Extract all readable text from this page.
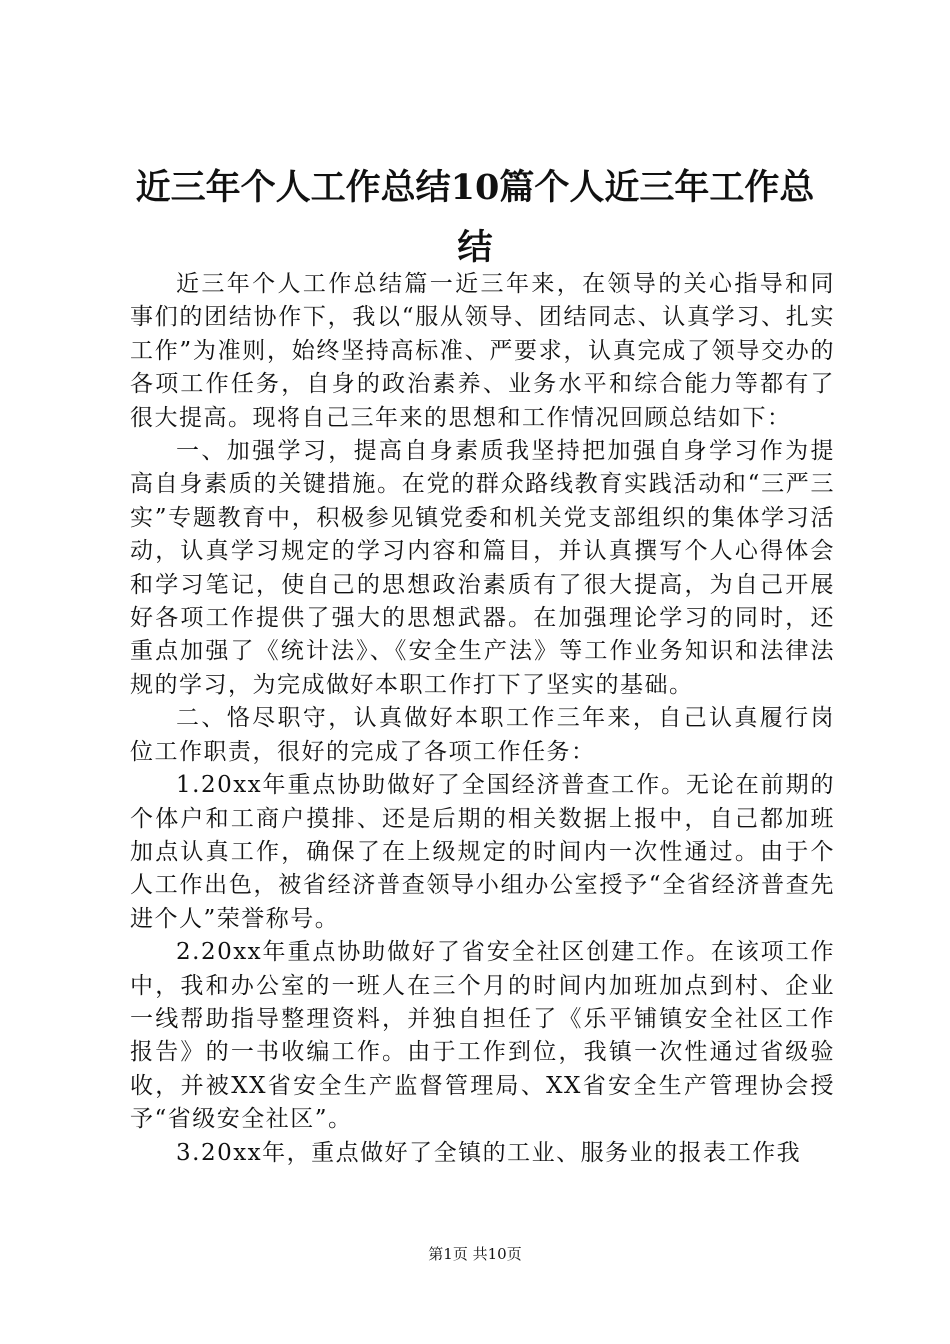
近三年个人工作总结10篇个人近三年工作总结

近三年个人工作总结篇一近三年来，在领导的关心指导和同事们的团结协作下，我以“服从领导、团结同志、认真学习、扎实工作”为准则，始终坚持高标准、严要求，认真完成了领导交办的各项工作任务，自身的政治素养、业务水平和综合能力等都有了很大提高。现将自己三年来的思想和工作情况回顾总结如下：

一、加强学习，提高自身素质我坚持把加强自身学习作为提高自身素质的关键措施。在党的群众路线教育实践活动和“三严三实”专题教育中，积极参见镇党委和机关党支部组织的集体学习活动，认真学习规定的学习内容和篇目，并认真撰写个人心得体会和学习笔记，使自己的思想政治素质有了很大提高，为自己开展好各项工作提供了强大的思想武器。在加强理论学习的同时，还重点加强了《统计法》、《安全生产法》等工作业务知识和法律法规的学习，为完成做好本职工作打下了坚实的基础。

二、恪尽职守，认真做好本职工作三年来，自己认真履行岗位工作职责，很好的完成了各项工作任务：

1.20xx年重点协助做好了全国经济普查工作。无论在前期的个体户和工商户摸排、还是后期的相关数据上报中，自己都加班加点认真工作，确保了在上级规定的时间内一次性通过。由于个人工作出色，被省经济普查领导小组办公室授予“全省经济普查先进个人”荣誉称号。

2.20xx年重点协助做好了省安全社区创建工作。在该项工作中，我和办公室的一班人在三个月的时间内加班加点到村、企业一线帮助指导整理资料，并独自担任了《乐平铺镇安全社区工作报告》的一书收编工作。由于工作到位，我镇一次性通过省级验收，并被XX省安全生产监督管理局、XX省安全生产管理协会授予“省级安全社区”。

3.20xx年，重点做好了全镇的工业、服务业的报表工作我

第1页 共10页
